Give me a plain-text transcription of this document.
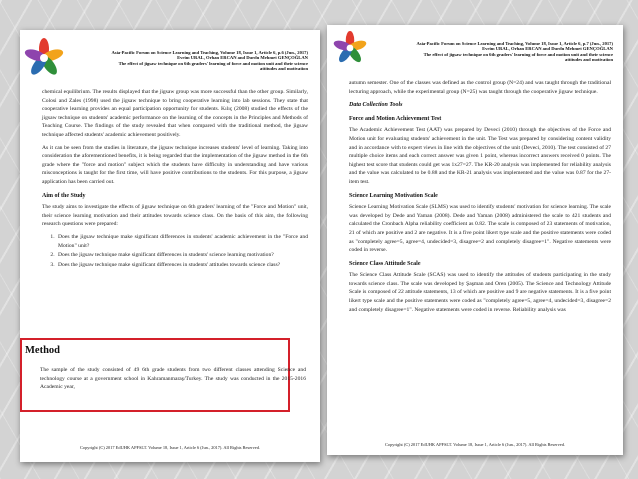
Asia-Pacific Forum on Science Learning and Teaching, Volume 18, Issue 1, Article 6, p.6 (Jun., 2017)
Evrim URAL, Orhan ERCAN and Durdu Mehmet GENÇOĞLAN
The effect of jigsaw technique on 6th graders' learning of force and motion unit and their science
attitudes and motivation

chemical equilibrium. The results displayed that the jigsaw group was more successful than the other group. Similarly, Colosi and Zales (1998) used the jigsaw technique to bring cooperative learning into lab sessions. They state that cooperative learning provides an equal participation opportunity for students. Kılıç (2008) studied the effects of the jigsaw technique on students' academic performance on the learning of the concepts in the Principles and Methods of Teaching Course. The findings of the study revealed that when compared with the traditional method, the jigsaw technique affected students' academic achievement positively.

As it can be seen from the studies in literature, the jigsaw technique increases students' level of learning. Taking into consideration the aforementioned benefits, it is being regarded that the implementation of the jigsaw method in the 6th grade where the "force and motion" subject which the students have difficulty in understanding and have various misconceptions is taught for the first time, will have positive contributions to the students. For this purpose, a jigsaw application has been carried out.

Aim of the Study

The study aims to investigate the effects of jigsaw technique on 6th graders' learning of the "Force and Motion" unit, their science learning motivation and their attitudes towards science class. On the basis of this aim, the following research questions were prepared:

1. Does the jigsaw technique make significant differences in students' academic achievement in the "Force and Motion" unit?
2. Does the jigsaw technique make significant differences in students' science learning motivation?
3. Does the jigsaw technique make significant differences in students' attitudes towards science class?
Copyright (C) 2017 EdUHK APFSLT. Volume 18, Issue 1, Article 6 (Jun., 2017). All Rights Reserved.
Method
The sample of the study consisted of 49 6th grade students from two different classes attending Science and technology course at a government school in Kahramanmaraş/Turkey. The study was conducted in the 2015-2016 Academic year,
Asia-Pacific Forum on Science Learning and Teaching, Volume 18, Issue 1, Article 6, p.7 (Jun., 2017)
Evrim URAL, Orhan ERCAN and Durdu Mehmet GENÇOĞLAN
The effect of jigsaw technique on 6th graders' learning of force and motion unit and their science
attitudes and motivation

autumn semester. One of the classes was defined as the control group (N=24) and was taught through the traditional lecturing approach, while the experimental group (N=25) was taught through the cooperative jigsaw technique.

Data Collection Tools
Force and Motion Achievement Test

The Academic Achievement Test (AAT) was prepared by Deveci (2010) through the objectives of the Force and Motion unit for evaluating students' achievement in the unit. The Test was prepared by considering content validity and in accordance with to expert views in line with the objectives of the unit (Deveci, 2010). The test consisted of 27 multiple choice items and each correct answer was given 1 point, whereas incorrect answers received 0 points. The highest test score that students could get was 1x27=27. The KR-20 analysis was implemented for reliability analysis and the value was calculated to be 0.88 and the KR-21 analysis was implemented and the value was 0.87 for the 27-item test.

Science Learning Motivation Scale

Science Learning Motivation Scale (SLMS) was used to identify students' motivation for science learning. The scale was developed by Dede and Yaman (2008). Dede and Yaman (2008) administered the scale to 421 students and calculated the Cronbach Alpha reliability coefficient as 0.82. The scale is composed of 23 statements of motivation, 21 of which are positive and 2 are negative. It is a five point likert type scale and the positive statements were coded as "completely agree=5, agree=4, undecided=3, disagree=2 and completely disagree=1". Negative statements were coded in reverse.

Science Class Attitude Scale

The Science Class Attitude Scale (SCAS) was used to identify the attitudes of students participating in the study towards science class. The scale was developed by Şaşman and Oren (2005). The Science and Technology Attitude Scale is composed of 22 attitude statements, 13 of which are positive and 9 are negative statements. It is a five point likert type scale and the positive statements were coded as "completely agree=5, agree=4, undecided=3, disagree=2 and completely disagree=1". Negative statements were coded in reverse. Reliability analysis was

Copyright (C) 2017 EdUHK APFSLT. Volume 18, Issue 1, Article 6 (Jun., 2017). All Rights Reserved.
